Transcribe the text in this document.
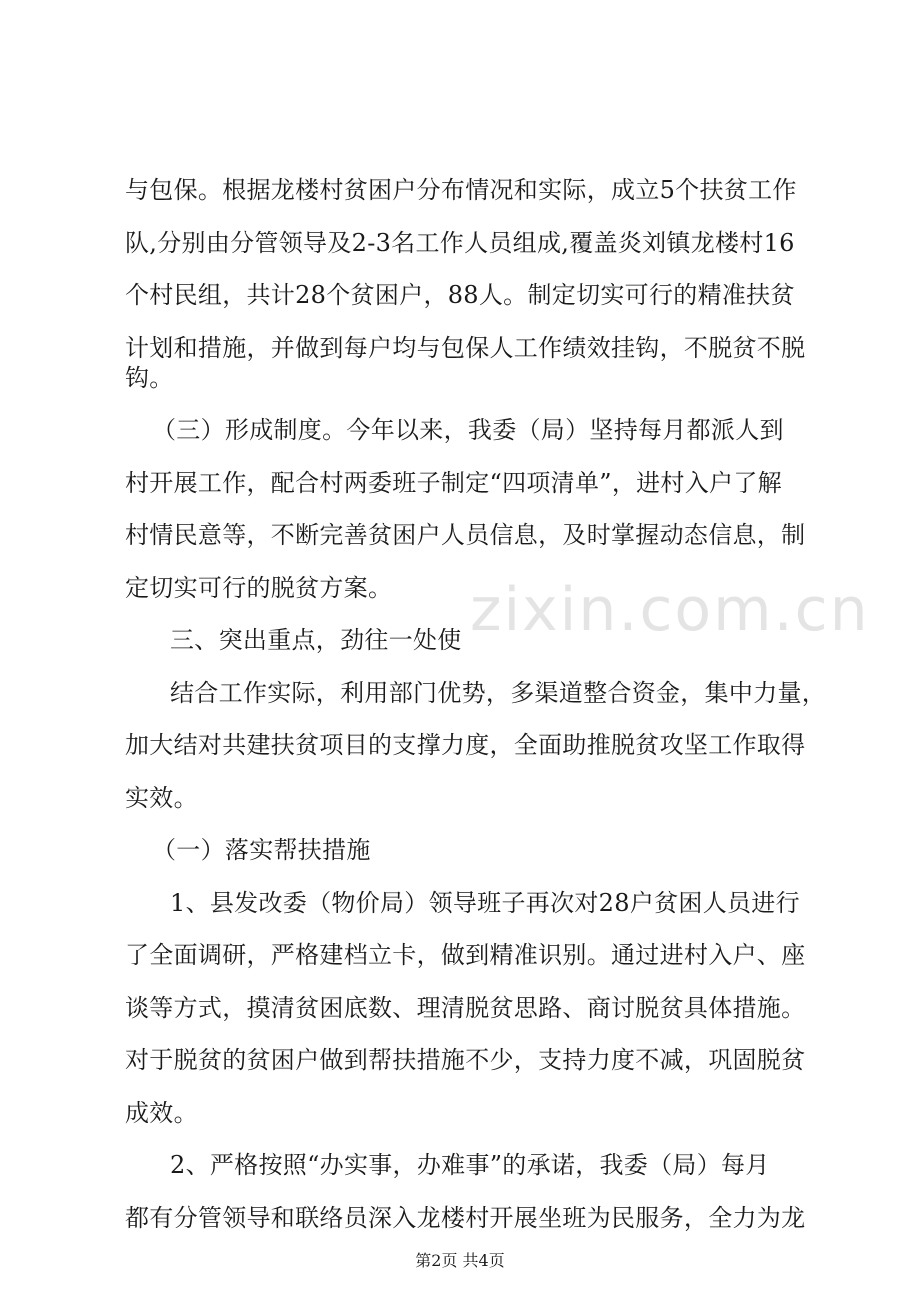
zixin.com.cn
与包保。根据龙楼村贫困户分布情况和实际，成立5个扶贫工作
队,分别由分管领导及2-3名工作人员组成,覆盖炎刘镇龙楼村16
个村民组，共计28个贫困户，88人。制定切实可行的精准扶贫
计划和措施，并做到每户均与包保人工作绩效挂钩，不脱贫不脱
钩。
（三）形成制度。今年以来，我委（局）坚持每月都派人到
村开展工作，配合村两委班子制定“四项清单”，进村入户了解
村情民意等，不断完善贫困户人员信息，及时掌握动态信息，制
定切实可行的脱贫方案。
三、突出重点，劲往一处使
结合工作实际，利用部门优势，多渠道整合资金，集中力量，
加大结对共建扶贫项目的支撑力度，全面助推脱贫攻坚工作取得
实效。
（一）落实帮扶措施
1、县发改委（物价局）领导班子再次对28户贫困人员进行
了全面调研，严格建档立卡，做到精准识别。通过进村入户、座
谈等方式，摸清贫困底数、理清脱贫思路、商讨脱贫具体措施。
对于脱贫的贫困户做到帮扶措施不少，支持力度不减，巩固脱贫
成效。
2、严格按照“办实事，办难事”的承诺，我委（局）每月
都有分管领导和联络员深入龙楼村开展坐班为民服务，全力为龙
第2页 共4页
